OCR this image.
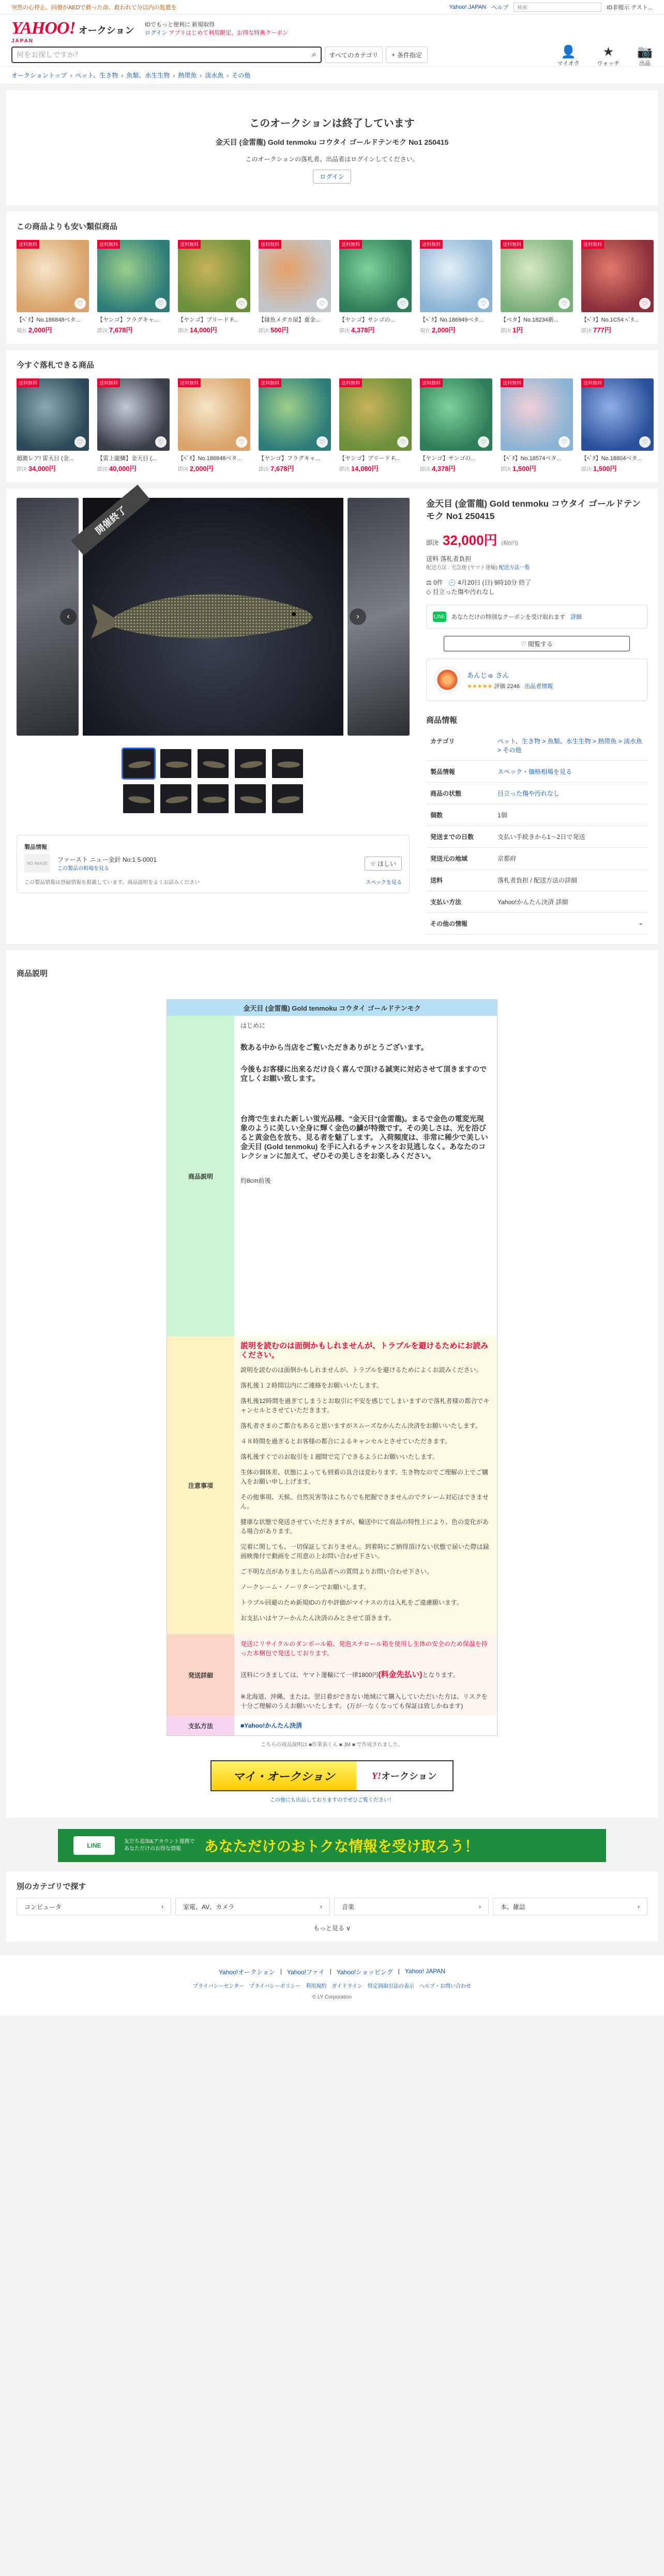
突然の心停止。同僚がAEDで救った命。救われて分以内の処置を	Yahoo! JAPAN ヘルプ	検索	ID非掲示 テスト...
YAHOO! オークション
JAPAN
IDでもっと便利に 新規取得
ログイン アプリはじめて利用限定、お得な特典クーポン
何をお探しですか？	⌕	すべてのカテゴリ	+ 条件指定	👤
マイオク
★
ウォッチ
📷
出品
オークショントップ › ペット、生き物 › 魚類、水生生物 › 熱帯魚 › 淡水魚 › その他
このオークションは終了しています
金天目 (金雷龍) Gold tenmoku コウタイ ゴールドテンモク No1 250415
このオークションの落札者、出品者はログインしてください。
ログイン
この商品よりも安い類似商品
送料無料
♡
【ﾍﾞﾀ】No.186848ベタ...
現在 2,000円
送料無料
♡
【ヤンゴ】フラグキャ...
即決 7,678円
送料無料
♡
【ヤンゴ】ブリード F...
即決 14,000円
送料無料
♡
【縁魚メダカ屋】重金...
即決 500円
送料無料
♡
【ヤンゴ】サンゴの...
即決 4,378円
送料無料
♡
【ﾍﾞﾀ】No.186949ベタ...
現在 2,000円
送料無料
♡
【ベタ】No.18234新...
即決 1円
送料無料
♡
【ﾍﾞﾀ】No.1C54 ﾍﾞﾀ...
即決 777円
今すぐ落札できる商品
送料無料
♡
超激レア! 雷天目 (金...
即決 34,000円
送料無料
♡
【雷上龍鱗】金天目 (...
即決 40,000円
送料無料
♡
【ﾍﾞﾀ】No.186848ベタ...
即決 2,000円
送料無料
♡
【ヤンゴ】フラグキャ...
即決 7,678円
送料無料
♡
【ヤンゴ】ブリード F...
即決 14,080円
送料無料
♡
【ヤンゴ】サンゴの...
即決 4,378円
送料無料
♡
【ﾍﾞﾀ】No.18574ベタ...
即決 1,500円
送料無料
♡
【ﾍﾞﾀ】No.18804ベタ...
即決 1,500円
開催終了
‹	›
製品情報
NO IMAGE	ファースト ニュー金針 No:1 5-0001
この製品の相場を見る
☆ ほしい
この製品情報は登録情報を掲載しています。商品説明をよくお読みください	スペックを見る
金天目 (金雷龍) Gold tenmoku コウタイ ゴールドテンモク No1 250415
即決 32,000円 (税0円)
送料 落札者負担
配送方法 : 宅急便 (ヤマト運輸) 配送方法一覧
⚖ 0件 🕘 4月20日 (日) 9時10分 終了
◇ 目立った傷や汚れなし
LINE あなただけの特別なクーポンを受け取れます 詳細
♡ 閲覧する
あんじゅ さん
★★★★★ 評価 2246 出品者情報
商品情報
カテゴリ	ペット、生き物 > 魚類、水生生物 > 熱帯魚 > 淡水魚 > その他
製品情報	スペック・価格相場を見る
商品の状態	目立った傷や汚れなし
個数	1個
発送までの日数	支払い手続きから1〜2日で発送
発送元の地域	京都府
送料	落札者負担 / 配送方法の詳細
支払い方法	Yahoo!かんたん決済 詳細
その他の情報	⌄
商品説明
金天目 (金雷龍) Gold tenmoku コウタイ ゴールドテンモク
商品説明

はじめに

数ある中から当店をご覧いただきありがとうございます。

今後もお客様に出来るだけ良く喜んで頂ける誠実に対応させて頂きますので宜しくお願い致します。

台湾で生まれた新しい蛍光品種、"金天目"(金雷龍)。まるで金色の電変光現象のように美しい全身に輝く金色の鱗が特徴です。その美しさは、光を浴びると黄金色を放ち、見る者を魅了します。 入荷頻度は、非常に稀少で美しい金天目 (Gold tenmoku) を手に入れるチャンスをお見逃しなく。あなたのコレクションに加えて、ぜひその美しさをお楽しみください。

約8cm前後

注意事項

説明を読むのは面倒かもしれませんが、トラブルを避けるためにお読みください。

説明を読むのは面倒かもしれませんが、トラブルを避けるためによくお読みください。

落札後１２時間以内にご連絡をお願いいたします。

落札後12時間を過ぎてしまうとお取引に不安を感じてしまいますので落札者様の都合でキャンセルとさせていただきます。

落札者さまのご都合もあると思いますがスムーズなかんたん決済をお願いいたします。

４８時間を過ぎるとお客様の都合によるキャンセルとさせていただきます。

落札後すぐでのお取引を１週間で完了できるようにお願いいたします。

生体の個体差、状態によっても到着の具合は変わります。生き物なのでご理解の上でご購入をお願い申し上げます。

その他事項、天候、自然災害等はこちらでも把握できませんのでクレーム対応はできません。

健康な状態で発送させていただきますが、輸送中にて商品の特性上により、色の変化がある場合があります。

完着に関しても、一切保証しておりません。到着時にご納得頂けない状態で届いた際は録画映像付で動画をご用意の上お問い合わせ下さい。

ご不明な点がありましたら出品者への質問よりお問い合わせ下さい。

ノークレーム・ノーリターンでお願いします。

トラブル回避のため新規IDの方や評価がマイナスの方は入札をご遠慮願います。

お支払いはヤフーかんたん決済のみとさせて頂きます。

発送詳細

発送にリサイクルのダンボール箱、発泡スチロール箱を使用し生体の安全のため保温を持った本梱包で発送しております。

送料につきましては、ヤマト運輸にて一律1800円(料金先払い)となります。

※北海道、沖縄、または、翌日着ができない地域にて購入していただいた方は、リスクを十分ご理解のうえお願いいたします。 (万が一なくなっても保証は致しかねます)

支払方法	■Yahoo!かんたん決済
こちらの商品説明は ■作業表くん ■ JM ■ で作成されました。
マイ・オークション	Y! オークション
この他にも出品しておりますのでぜひご覧ください！
LINE
友だち追加&アカウント連携で
あなただけのお得な情報	あなただけのおトクな情報を受け取ろう！
別のカテゴリで探す
コンピュータ	›	家電、AV、カメラ	›	音楽	›	本、雑誌	›
もっと見る ∨
Yahoo!オークション | Yahoo!ファイ | Yahoo!ショッピング | Yahoo! JAPAN
プライバシーセンター プライバシーポリシー 利用規約 ガイドライン 特定商取引法の表示 ヘルプ・お問い合わせ
© LY Corporation
